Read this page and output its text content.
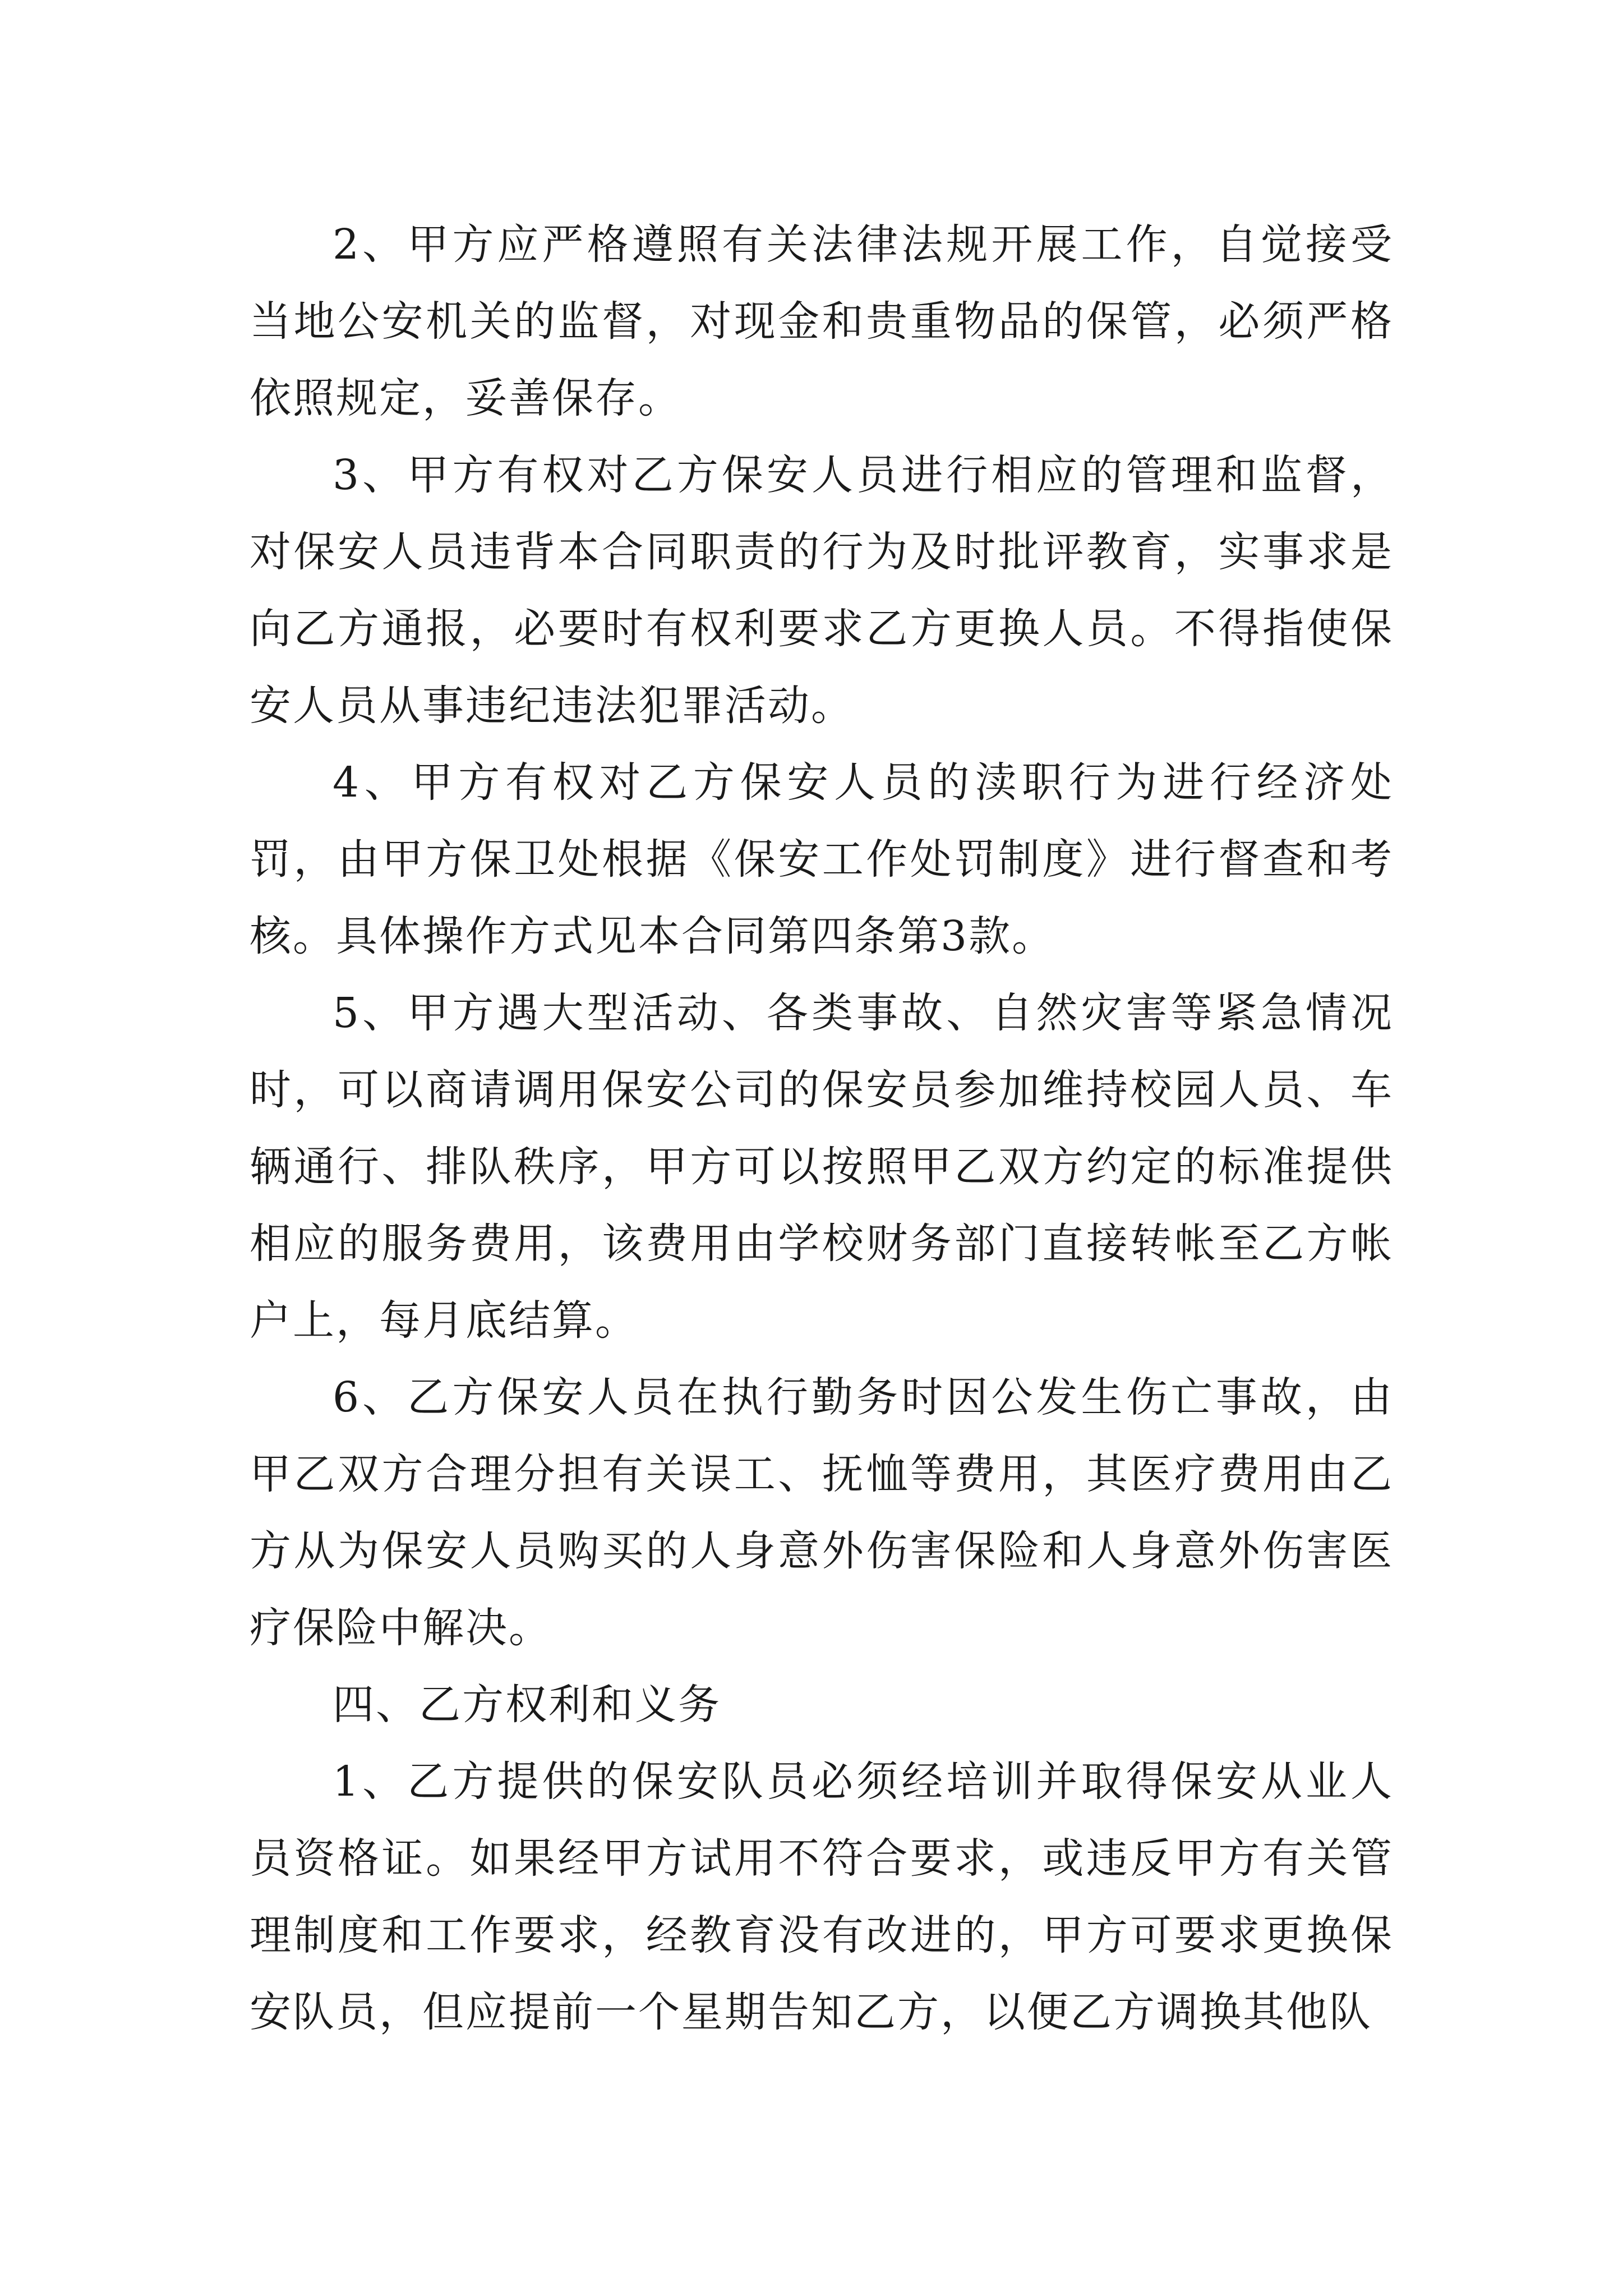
2、甲方应严格遵照有关法律法规开展工作，自觉接受当地公安机关的监督，对现金和贵重物品的保管，必须严格依照规定，妥善保存。

3、甲方有权对乙方保安人员进行相应的管理和监督，对保安人员违背本合同职责的行为及时批评教育，实事求是向乙方通报，必要时有权利要求乙方更换人员。不得指使保安人员从事违纪违法犯罪活动。

4、甲方有权对乙方保安人员的渎职行为进行经济处罚，由甲方保卫处根据《保安工作处罚制度》进行督查和考核。具体操作方式见本合同第四条第3款。

5、甲方遇大型活动、各类事故、自然灾害等紧急情况时，可以商请调用保安公司的保安员参加维持校园人员、车辆通行、排队秩序，甲方可以按照甲乙双方约定的标准提供相应的服务费用，该费用由学校财务部门直接转帐至乙方帐户上，每月底结算。

6、乙方保安人员在执行勤务时因公发生伤亡事故，由甲乙双方合理分担有关误工、抚恤等费用，其医疗费用由乙方从为保安人员购买的人身意外伤害保险和人身意外伤害医疗保险中解决。

四、乙方权利和义务

1、乙方提供的保安队员必须经培训并取得保安从业人员资格证。如果经甲方试用不符合要求，或违反甲方有关管理制度和工作要求，经教育没有改进的，甲方可要求更换保安队员，但应提前一个星期告知乙方，以便乙方调换其他队
